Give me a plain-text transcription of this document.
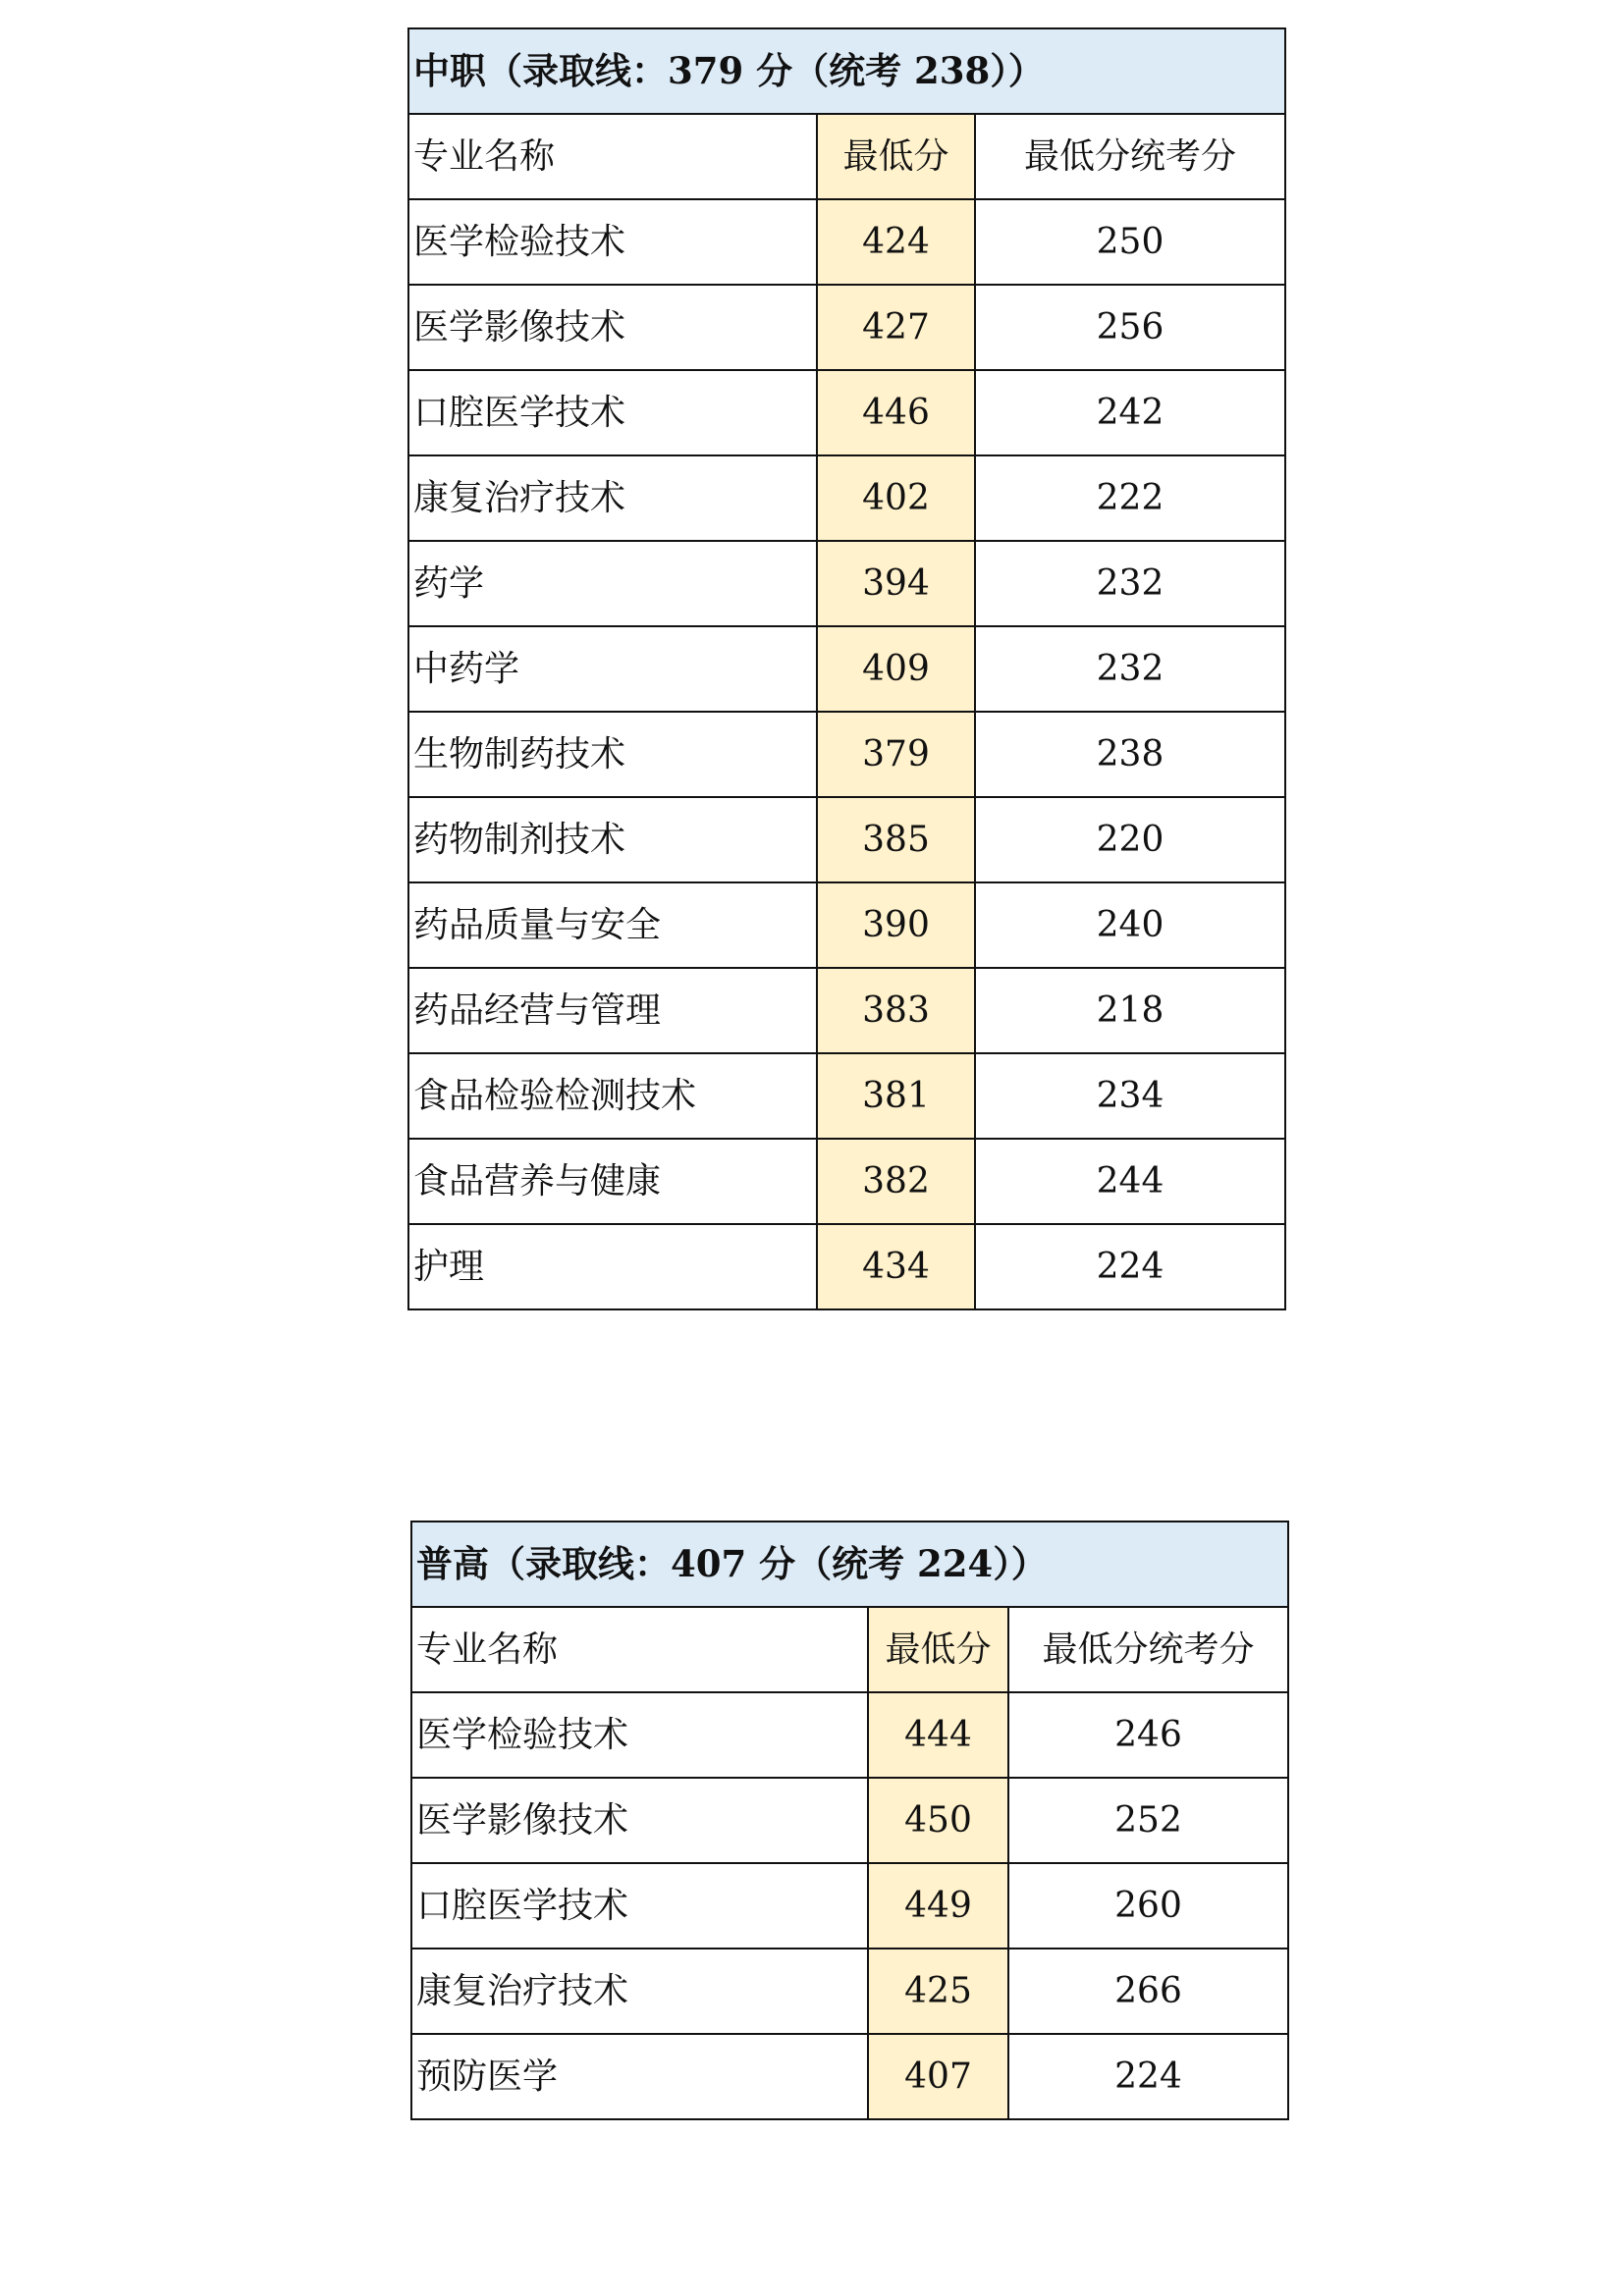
中职（录取线：379 分（统考 238））		
专业名称	最低分	最低分统考分
医学检验技术	424	250
医学影像技术	427	256
口腔医学技术	446	242
康复治疗技术	402	222
药学	394	232
中药学	409	232
生物制药技术	379	238
药物制剂技术	385	220
药品质量与安全	390	240
药品经营与管理	383	218
食品检验检测技术	381	234
食品营养与健康	382	244
护理	434	224
普高（录取线：407 分（统考 224））		
专业名称	最低分	最低分统考分
医学检验技术	444	246
医学影像技术	450	252
口腔医学技术	449	260
康复治疗技术	425	266
预防医学	407	224
